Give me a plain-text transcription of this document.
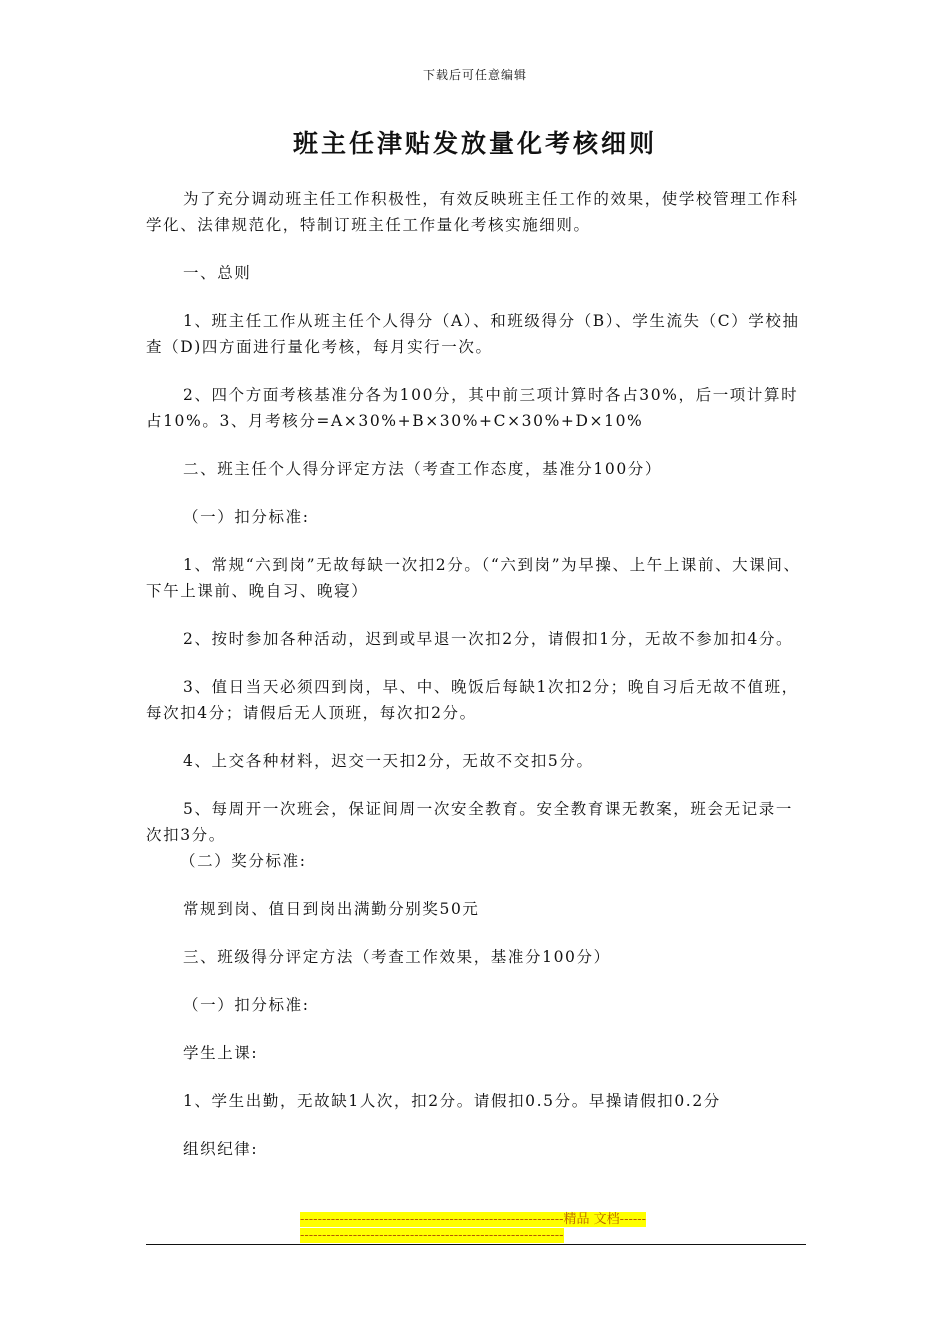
下载后可任意编辑
班主任津贴发放量化考核细则

为了充分调动班主任工作积极性，有效反映班主任工作的效果，使学校管理工作科学化、法律规范化，特制订班主任工作量化考核实施细则。

一、总则

1、班主任工作从班主任个人得分（A）、和班级得分（B）、学生流失（C）学校抽查（D)四方面进行量化考核，每月实行一次。

2、四个方面考核基准分各为100分，其中前三项计算时各占30%，后一项计算时占10%。3、月考核分=A×30%+B×30%+C×30%+D×10%

二、班主任个人得分评定方法（考查工作态度，基准分100分）

（一）扣分标准:

1、常规“六到岗”无故每缺一次扣2分。（“六到岗”为早操、上午上课前、大课间、下午上课前、晚自习、晚寝）

2、按时参加各种活动，迟到或早退一次扣2分，请假扣1分，无故不参加扣4分。

3、值日当天必须四到岗，早、中、晚饭后每缺1次扣2分；晚自习后无故不值班，每次扣4分；请假后无人顶班，每次扣2分。

4、上交各种材料，迟交一天扣2分，无故不交扣5分。

5、每周开一次班会，保证间周一次安全教育。安全教育课无教案，班会无记录一次扣3分。

（二）奖分标准:

常规到岗、值日到岗出满勤分别奖50元

三、班级得分评定方法（考查工作效果，基准分100分）

（一）扣分标准:

学生上课:

1、学生出勤，无故缺1人次，扣2分。请假扣0.5分。早操请假扣0.2分

组织纪律:

------------------------------------------------------------精品 文档------------------------------------------------------------------
